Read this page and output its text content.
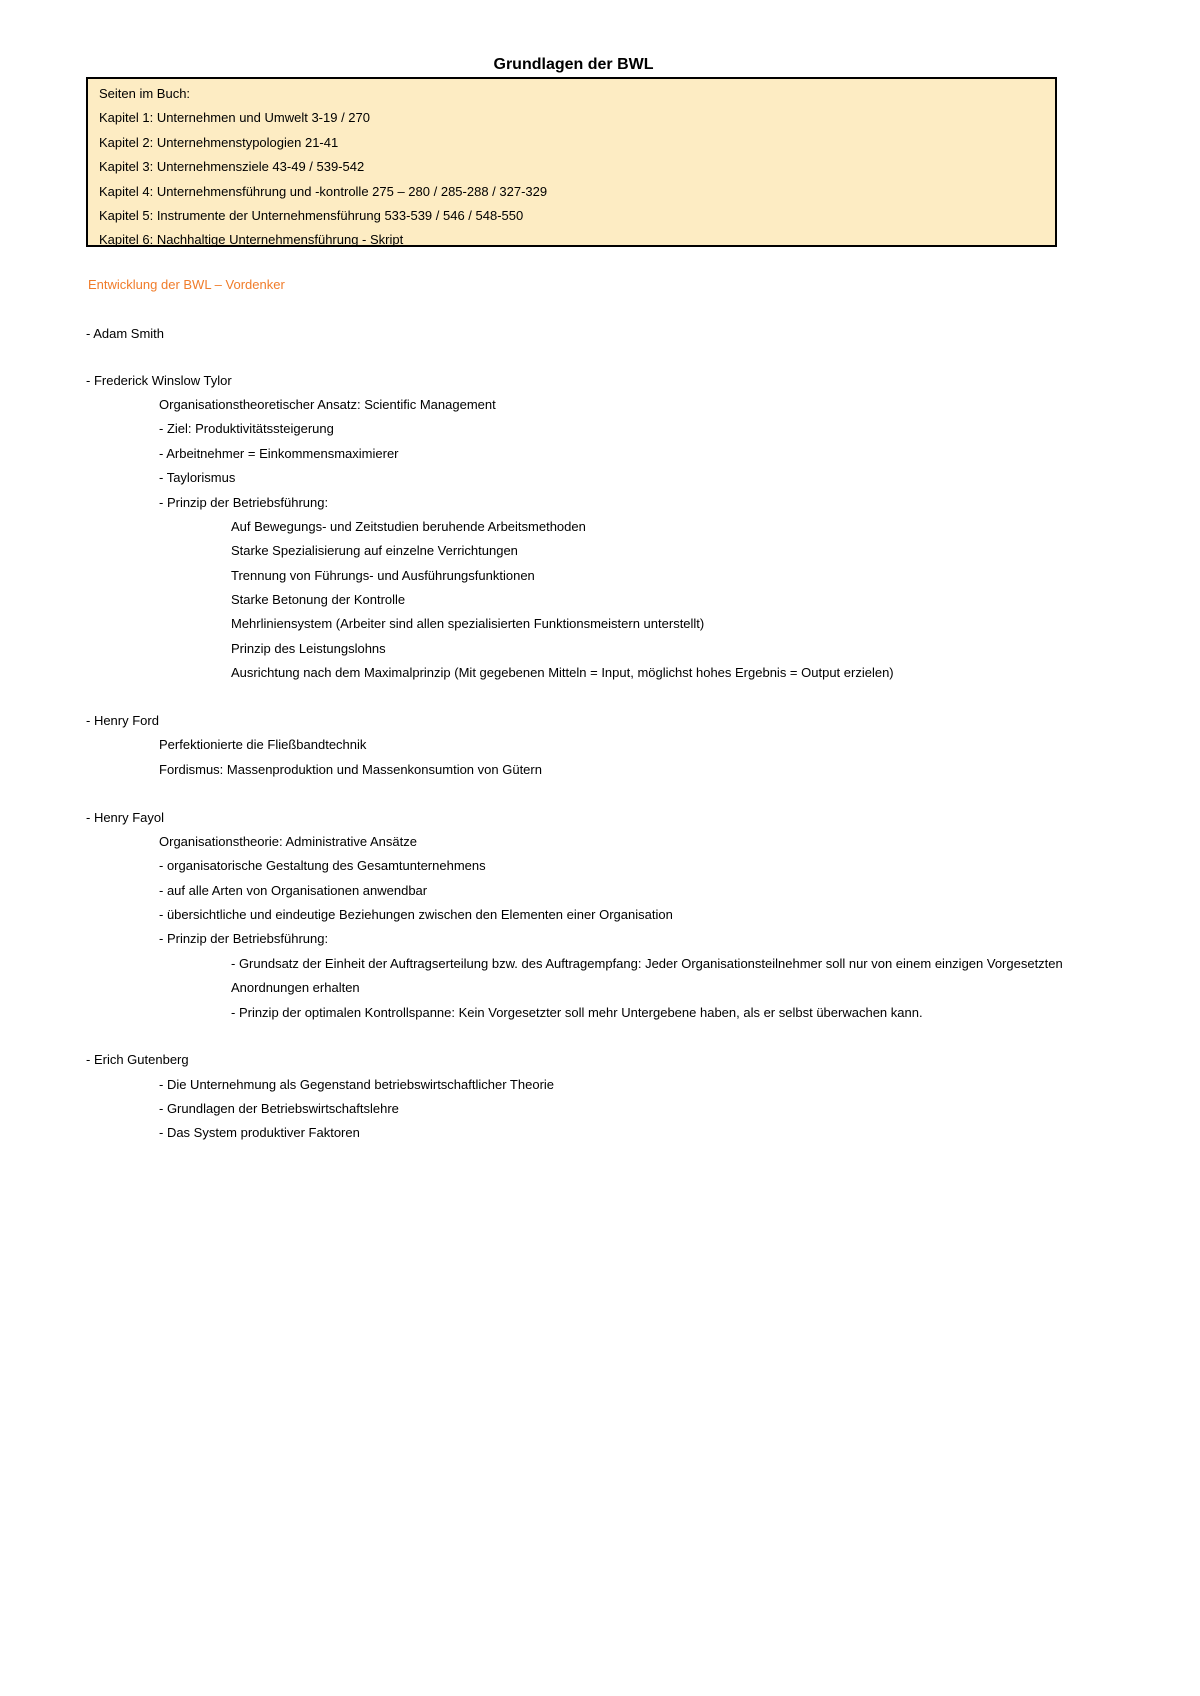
Grundlagen der BWL
Seiten im Buch:
Kapitel 1: Unternehmen und Umwelt 3-19 / 270
Kapitel 2: Unternehmenstypologien 21-41
Kapitel 3: Unternehmensziele 43-49 / 539-542
Kapitel 4: Unternehmensführung und -kontrolle 275 – 280 / 285-288 / 327-329
Kapitel 5: Instrumente der Unternehmensführung 533-539 / 546 / 548-550
Kapitel 6: Nachhaltige Unternehmensführung - Skript
Entwicklung der BWL – Vordenker
- Adam Smith
- Frederick Winslow Tylor
Organisationstheoretischer Ansatz: Scientific Management
- Ziel: Produktivitätssteigerung
- Arbeitnehmer = Einkommensmaximierer
- Taylorismus
- Prinzip der Betriebsführung:
Auf Bewegungs- und Zeitstudien beruhende Arbeitsmethoden
Starke Spezialisierung auf einzelne Verrichtungen
Trennung von Führungs- und Ausführungsfunktionen
Starke Betonung der Kontrolle
Mehrliniensystem (Arbeiter sind allen spezialisierten Funktionsmeistern unterstellt)
Prinzip des Leistungslohns
Ausrichtung nach dem Maximalprinzip (Mit gegebenen Mitteln = Input, möglichst hohes Ergebnis = Output erzielen)
- Henry Ford
Perfektionierte die Fließbandtechnik
Fordismus: Massenproduktion und Massenkonsumtion von Gütern
- Henry Fayol
Organisationstheorie: Administrative Ansätze
- organisatorische Gestaltung des Gesamtunternehmens
- auf alle Arten von Organisationen anwendbar
- übersichtliche und eindeutige Beziehungen zwischen den Elementen einer Organisation
- Prinzip der Betriebsführung:
- Grundsatz der Einheit der Auftragserteilung bzw. des Auftragempfang: Jeder Organisationsteilnehmer soll nur von einem einzigen Vorgesetzten
Anordnungen erhalten
- Prinzip der optimalen Kontrollspanne: Kein Vorgesetzter soll mehr Untergebene haben, als er selbst überwachen kann.
- Erich Gutenberg
- Die Unternehmung als Gegenstand betriebswirtschaftlicher Theorie
- Grundlagen der Betriebswirtschaftslehre
- Das System produktiver Faktoren
